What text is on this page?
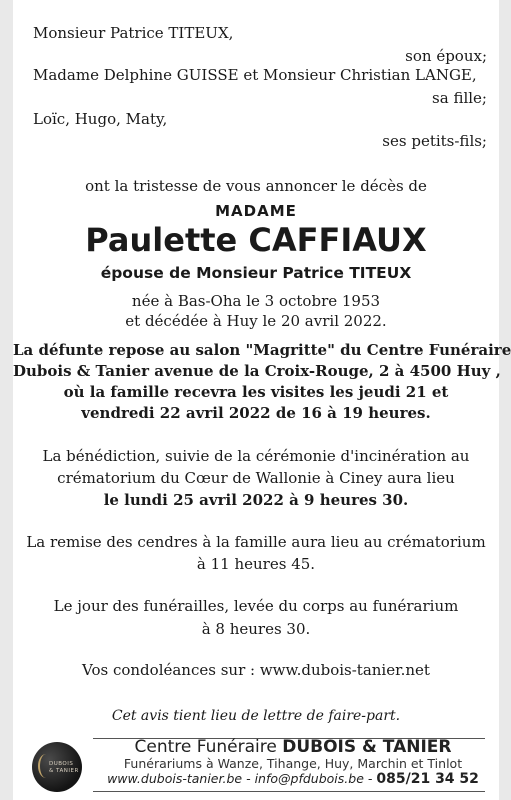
Monsieur Patrice TITEUX,
son époux;
Madame Delphine GUISSE et Monsieur Christian LANGE,
sa fille;
Loïc, Hugo, Maty,
ses petits-fils;
ont la tristesse de vous annoncer le décès de
MADAME
Paulette CAFFIAUX
épouse de Monsieur Patrice TITEUX
née à Bas-Oha le 3 octobre 1953
et décédée à Huy le 20 avril 2022.
La défunte repose au salon "Magritte" du Centre Funéraire
Dubois & Tanier avenue de la Croix-Rouge, 2 à 4500 Huy ,
où la famille recevra les visites les jeudi 21 et
vendredi 22 avril 2022 de 16 à 19 heures.
La bénédiction, suivie de la cérémonie d'incinération au
crématorium du Cœur de Wallonie à Ciney aura lieu
le lundi 25 avril 2022 à 9 heures 30.
La remise des cendres à la famille aura lieu au crématorium
à 11 heures 45.
Le jour des funérailles, levée du corps au funérarium
à 8 heures 30.
Vos condoléances sur : www.dubois-tanier.net
Cet avis tient lieu de lettre de faire-part.
DUBOIS
& TANIER
Centre Funéraire DUBOIS & TANIER
Funérariums à Wanze, Tihange, Huy, Marchin et Tinlot
www.dubois-tanier.be - info@pfdubois.be - 085/21 34 52
